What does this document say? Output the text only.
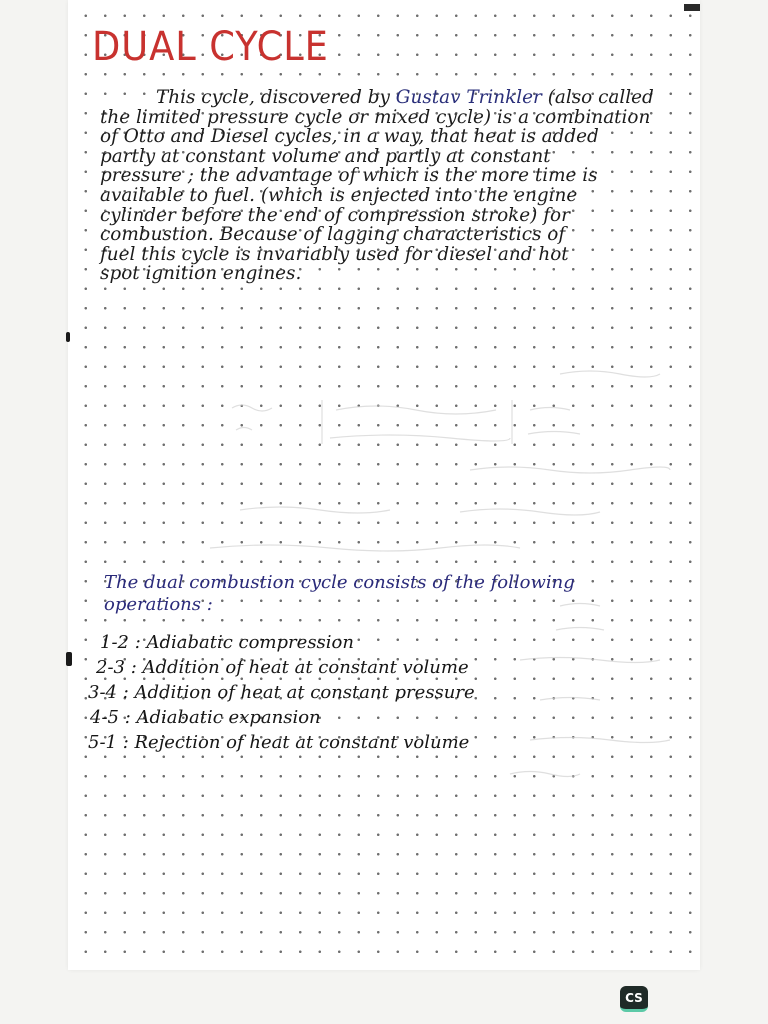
DUAL CYCLE
This cycle, discovered by Gustav Trinkler (also called
the limited pressure cycle or mixed cycle) is a combination
of Otto and Diesel cycles, in a way, that heat is added
partly at constant volume and partly at constant
pressure ; the advantage of which is the more time is
available to fuel. (which is enjected into the engine
cylinder before the end of compression stroke) for
combustion. Because of lagging characteristics of
fuel this cycle is invariably used for diesel and hot
spot ignition engines.
The dual combustion cycle consists of the following operations :
1-2 : Adiabatic compression
2-3 : Addition of heat at constant volume
3-4 : Addition of heat at constant pressure
4-5 : Adiabatic expansion
5-1 : Rejection of heat at constant volume
CS
